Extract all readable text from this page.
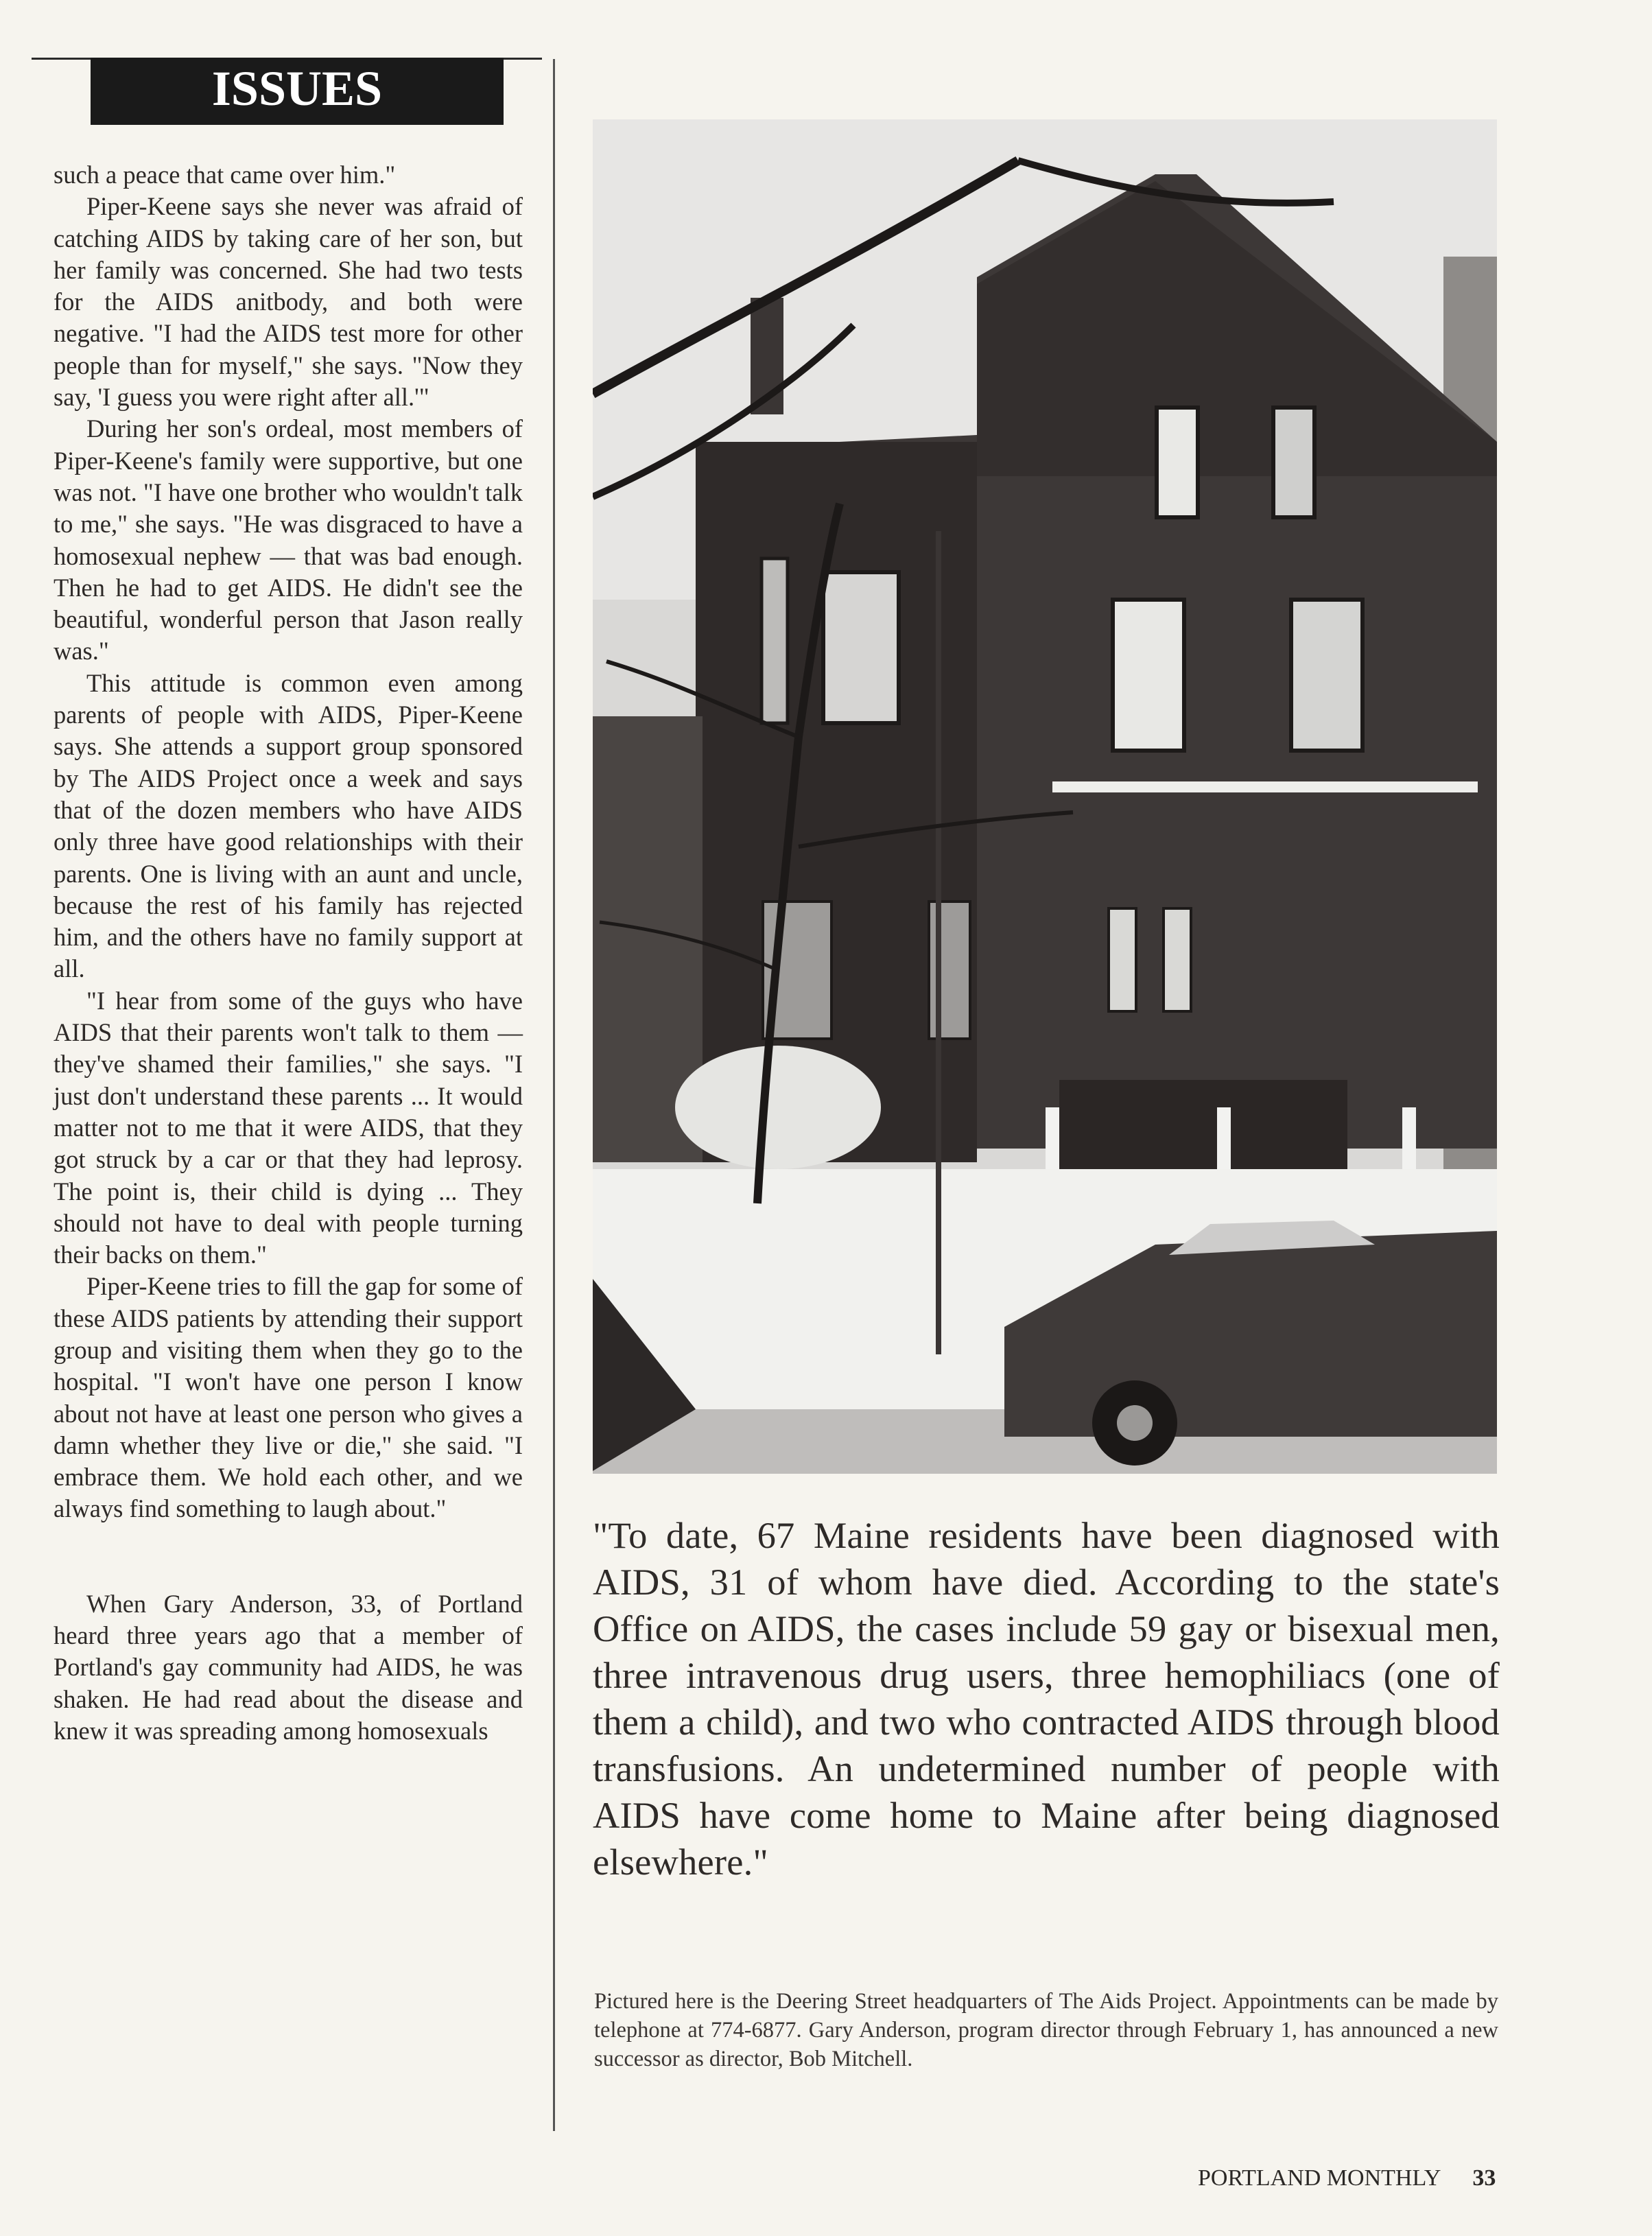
ISSUES

such a peace that came over him."

Piper-Keene says she never was afraid of catching AIDS by taking care of her son, but her family was concerned. She had two tests for the AIDS anitbody, and both were negative. "I had the AIDS test more for other people than for myself," she says. "Now they say, 'I guess you were right after all.'"

During her son's ordeal, most members of Piper-Keene's family were supportive, but one was not. "I have one brother who wouldn't talk to me," she says. "He was disgraced to have a homosexual nephew — that was bad enough. Then he had to get AIDS. He didn't see the beautiful, wonderful person that Jason really was."

This attitude is common even among parents of people with AIDS, Piper-Keene says. She attends a support group sponsored by The AIDS Project once a week and says that of the dozen members who have AIDS only three have good relationships with their parents. One is living with an aunt and uncle, because the rest of his family has rejected him, and the others have no family support at all.

"I hear from some of the guys who have AIDS that their parents won't talk to them — they've shamed their families," she says. "I just don't understand these parents ... It would matter not to me that it were AIDS, that they got struck by a car or that they had leprosy. The point is, their child is dying ... They should not have to deal with people turning their backs on them."

Piper-Keene tries to fill the gap for some of these AIDS patients by attending their support group and visiting them when they go to the hospital. "I won't have one person I know about not have at least one person who gives a damn whether they live or die," she said. "I embrace them. We hold each other, and we always find something to laugh about."

When Gary Anderson, 33, of Portland heard three years ago that a member of Portland's gay community had AIDS, he was shaken. He had read about the disease and knew it was spreading among homosexuals

"To date, 67 Maine residents have been diagnosed with AIDS, 31 of whom have died. According to the state's Office on AIDS, the cases include 59 gay or bisexual men, three intravenous drug users, three hemophiliacs (one of them a child), and two who contracted AIDS through blood transfusions. An undetermined number of people with AIDS have come home to Maine after being diagnosed elsewhere."
Pictured here is the Deering Street headquarters of The Aids Project. Appointments can be made by telephone at 774-6877. Gary Anderson, program director through February 1, has announced a new successor as director, Bob Mitchell.
PORTLAND MONTHLY 33
